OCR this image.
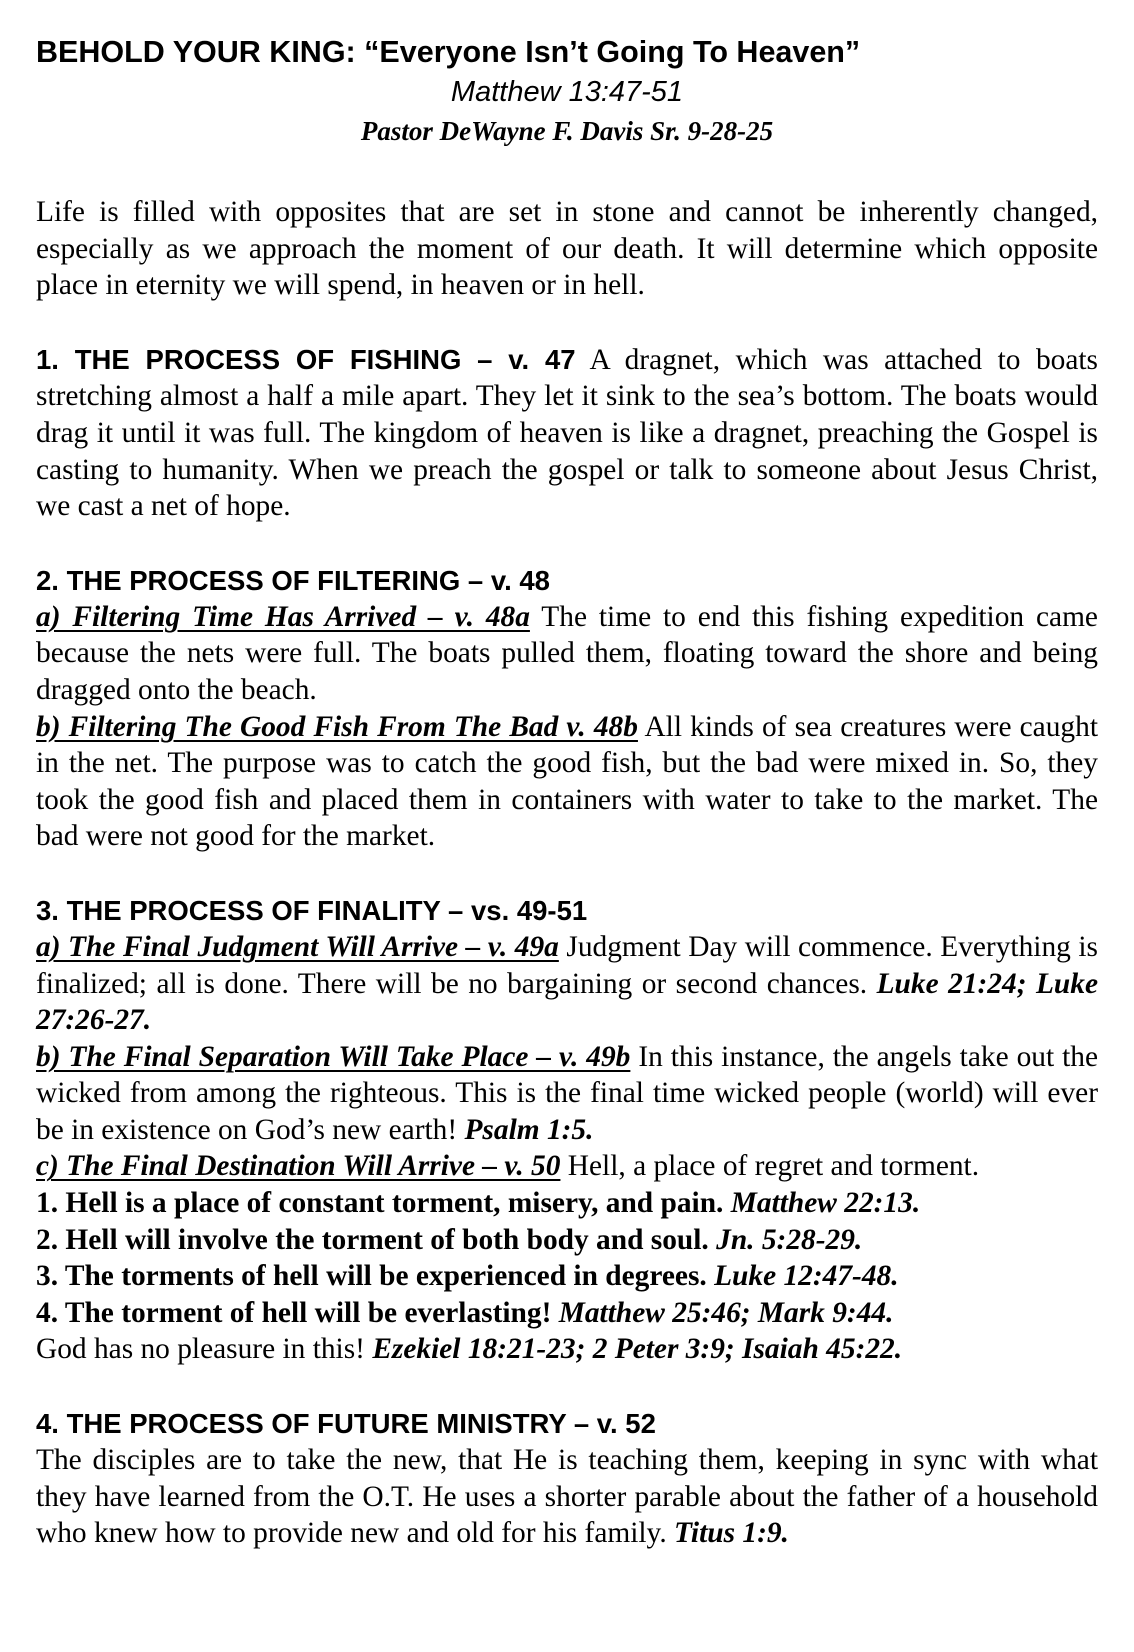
BEHOLD YOUR KING: “Everyone Isn’t Going To Heaven”

Matthew 13:47-51

Pastor DeWayne F. Davis Sr. 9-28-25

Life is filled with opposites that are set in stone and cannot be inherently changed, especially as we approach the moment of our death. It will determine which opposite place in eternity we will spend, in heaven or in hell.

1. THE PROCESS OF FISHING – v. 47 A dragnet, which was attached to boats stretching almost a half a mile apart. They let it sink to the sea’s bottom. The boats would drag it until it was full. The kingdom of heaven is like a dragnet, preaching the Gospel is casting to humanity. When we preach the gospel or talk to someone about Jesus Christ, we cast a net of hope.

2. THE PROCESS OF FILTERING – v. 48

a) Filtering Time Has Arrived – v. 48a The time to end this fishing expedition came because the nets were full. The boats pulled them, floating toward the shore and being dragged onto the beach.

b) Filtering The Good Fish From The Bad v. 48b All kinds of sea creatures were caught in the net. The purpose was to catch the good fish, but the bad were mixed in. So, they took the good fish and placed them in containers with water to take to the market. The bad were not good for the market.

3. THE PROCESS OF FINALITY – vs. 49-51

a) The Final Judgment Will Arrive – v. 49a Judgment Day will commence. Everything is finalized; all is done. There will be no bargaining or second chances. Luke 21:24; Luke 27:26-27.

b) The Final Separation Will Take Place – v. 49b In this instance, the angels take out the wicked from among the righteous. This is the final time wicked people (world) will ever be in existence on God’s new earth! Psalm 1:5.

c) The Final Destination Will Arrive – v. 50 Hell, a place of regret and torment.

1. Hell is a place of constant torment, misery, and pain. Matthew 22:13.

2. Hell will involve the torment of both body and soul. Jn. 5:28-29.

3. The torments of hell will be experienced in degrees. Luke 12:47-48.

4. The torment of hell will be everlasting! Matthew 25:46; Mark 9:44.

God has no pleasure in this! Ezekiel 18:21-23; 2 Peter 3:9; Isaiah 45:22.

4. THE PROCESS OF FUTURE MINISTRY – v. 52

The disciples are to take the new, that He is teaching them, keeping in sync with what they have learned from the O.T. He uses a shorter parable about the father of a household who knew how to provide new and old for his family. Titus 1:9.
